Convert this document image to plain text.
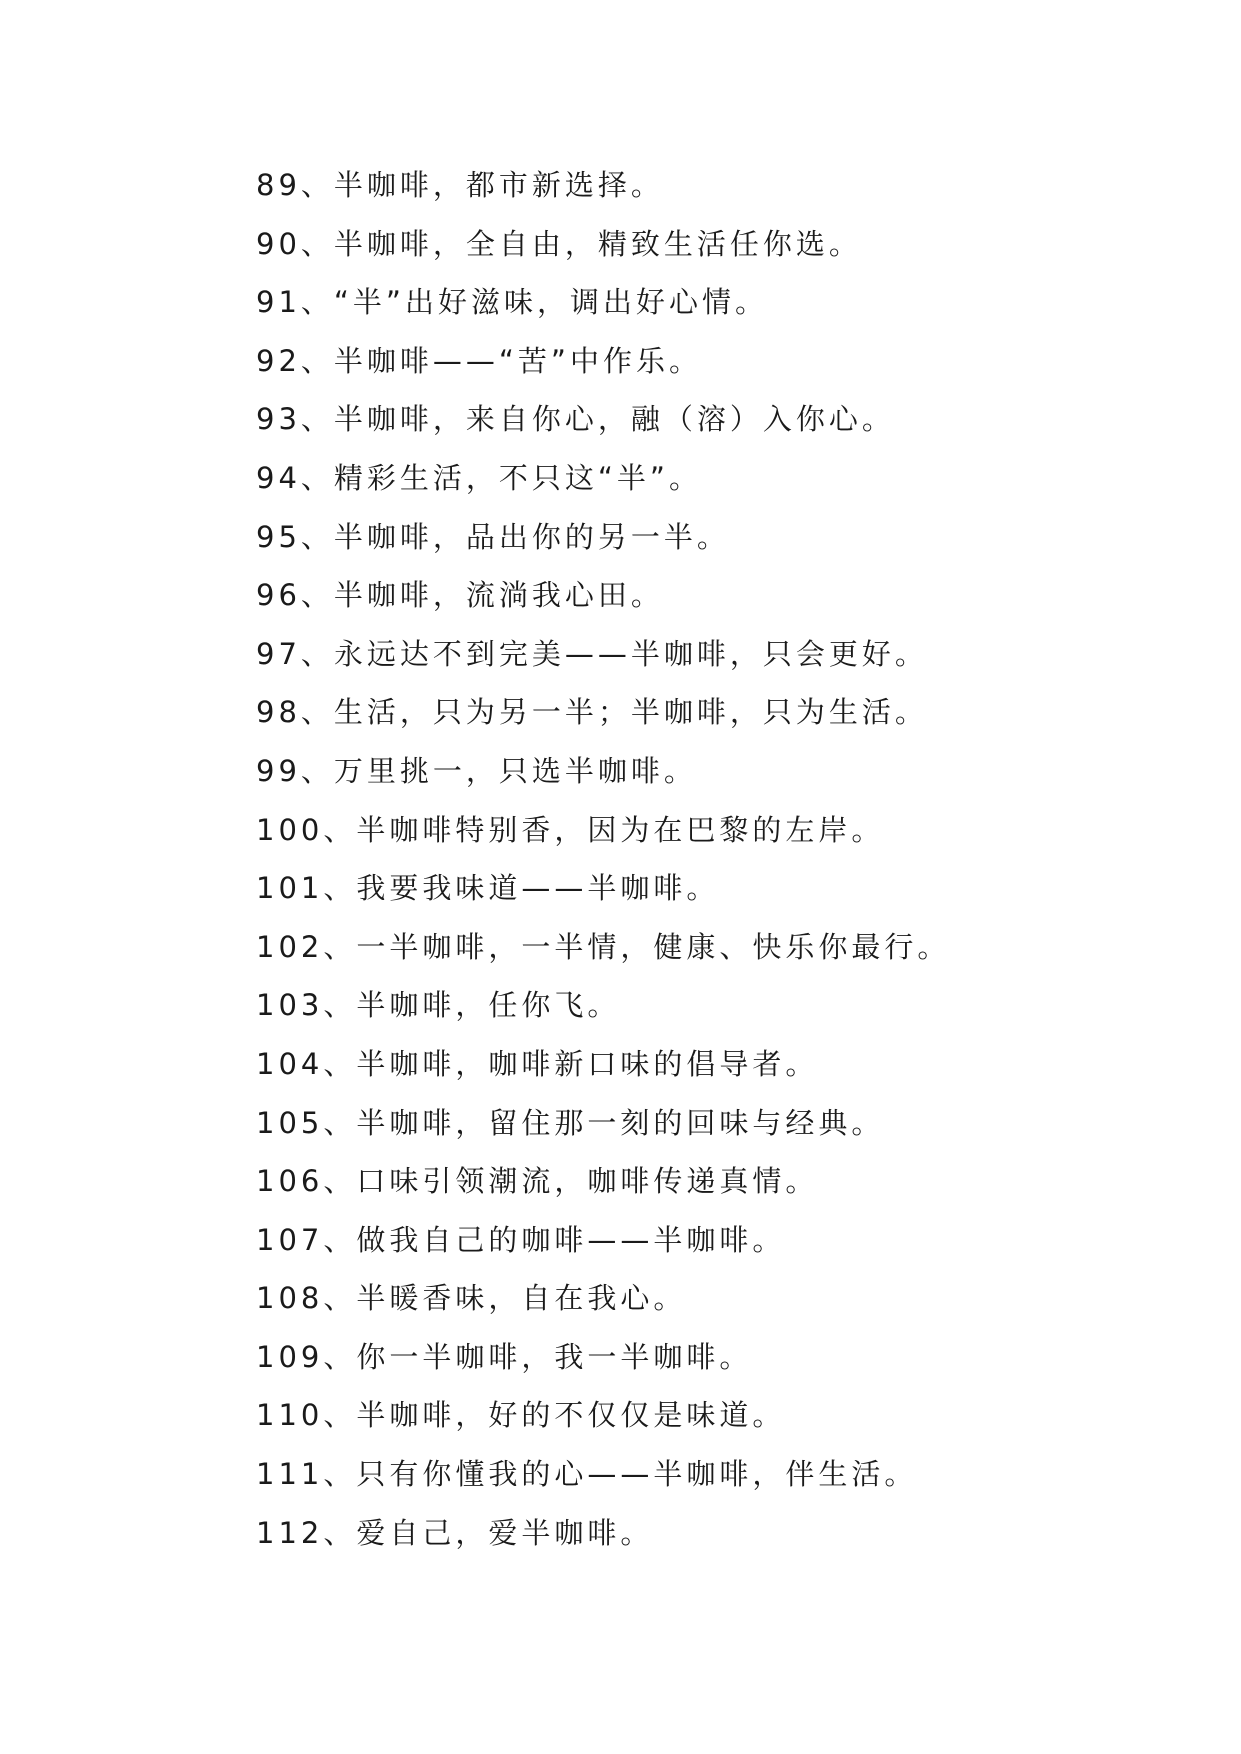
89、半咖啡，都市新选择。
90、半咖啡，全自由，精致生活任你选。
91、“半”出好滋味，调出好心情。
92、半咖啡——“苦”中作乐。
93、半咖啡，来自你心，融（溶）入你心。
94、精彩生活，不只这“半”。
95、半咖啡，品出你的另一半。
96、半咖啡，流淌我心田。
97、永远达不到完美——半咖啡，只会更好。
98、生活，只为另一半；半咖啡，只为生活。
99、万里挑一，只选半咖啡。
100、半咖啡特别香，因为在巴黎的左岸。
101、我要我味道——半咖啡。
102、一半咖啡，一半情，健康、快乐你最行。
103、半咖啡，任你飞。
104、半咖啡，咖啡新口味的倡导者。
105、半咖啡，留住那一刻的回味与经典。
106、口味引领潮流，咖啡传递真情。
107、做我自己的咖啡——半咖啡。
108、半暖香味，自在我心。
109、你一半咖啡，我一半咖啡。
110、半咖啡，好的不仅仅是味道。
111、只有你懂我的心——半咖啡，伴生活。
112、爱自己，爱半咖啡。
